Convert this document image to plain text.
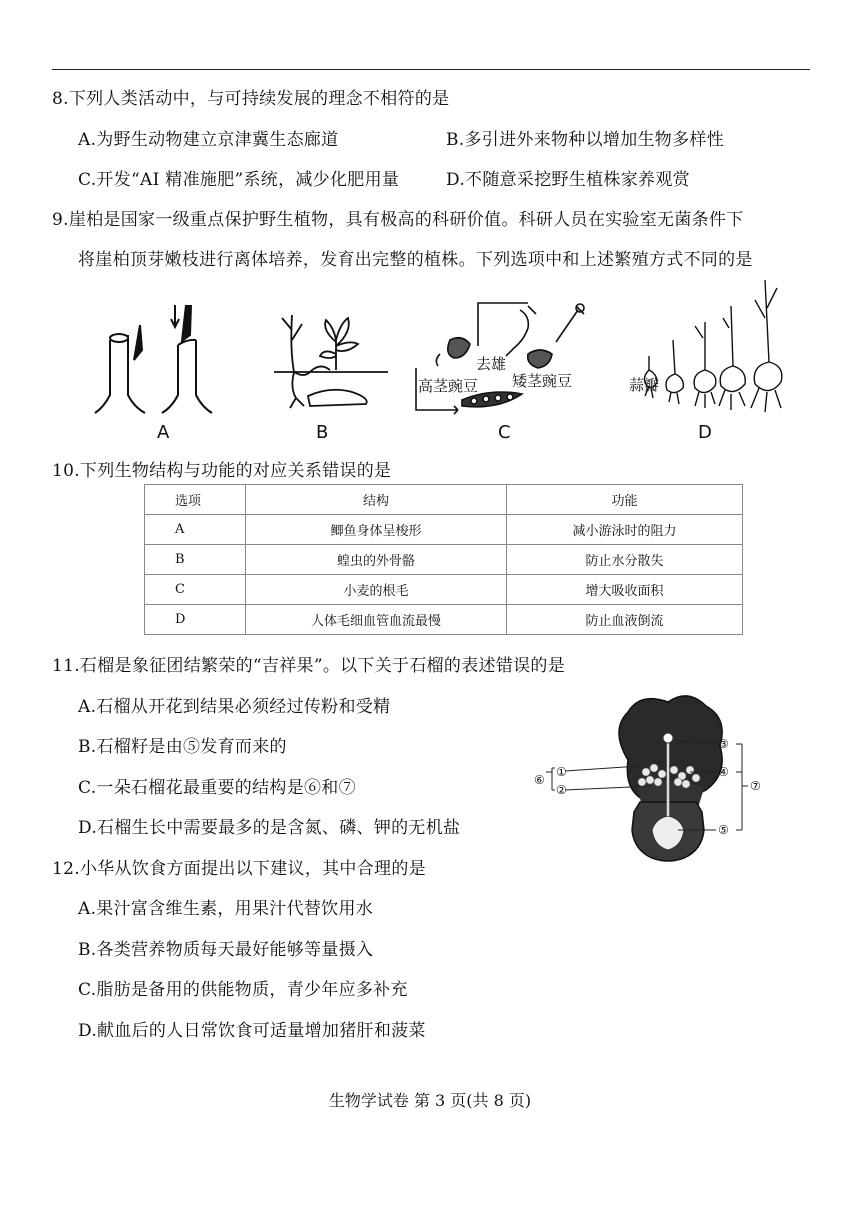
8.下列人类活动中，与可持续发展的理念不相符的是
A.为野生动物建立京津冀生态廊道	B.多引进外来物种以增加生物多样性
C.开发“AI 精准施肥”系统，减少化肥用量	D.不随意采挖野生植株家养观赏
9.崖柏是国家一级重点保护野生植物，具有极高的科研价值。科研人员在实验室无菌条件下
将崖柏顶芽嫩枝进行离体培养，发育出完整的植株。下列选项中和上述繁殖方式不同的是
A	B
去雄
高茎豌豆 矮茎豌豆
C
蒜瓣
D
10.下列生物结构与功能的对应关系错误的是
选项	结构	功能
A	鲫鱼身体呈梭形	减小游泳时的阻力
B	蝗虫的外骨骼	防止水分散失
C	小麦的根毛	增大吸收面积
D	人体毛细血管血流最慢	防止血液倒流
11.石榴是象征团结繁荣的“吉祥果”。以下关于石榴的表述错误的是
A.石榴从开花到结果必须经过传粉和受精
B.石榴籽是由⑤发育而来的
C.一朵石榴花最重要的结构是⑥和⑦
D.石榴生长中需要最多的是含氮、磷、钾的无机盐
①
②
③
④
⑤
⑥	⑦
12.小华从饮食方面提出以下建议，其中合理的是
A.果汁富含维生素，用果汁代替饮用水
B.各类营养物质每天最好能够等量摄入
C.脂肪是备用的供能物质，青少年应多补充
D.献血后的人日常饮食可适量增加猪肝和菠菜
生物学试卷 第 3 页(共 8 页)
